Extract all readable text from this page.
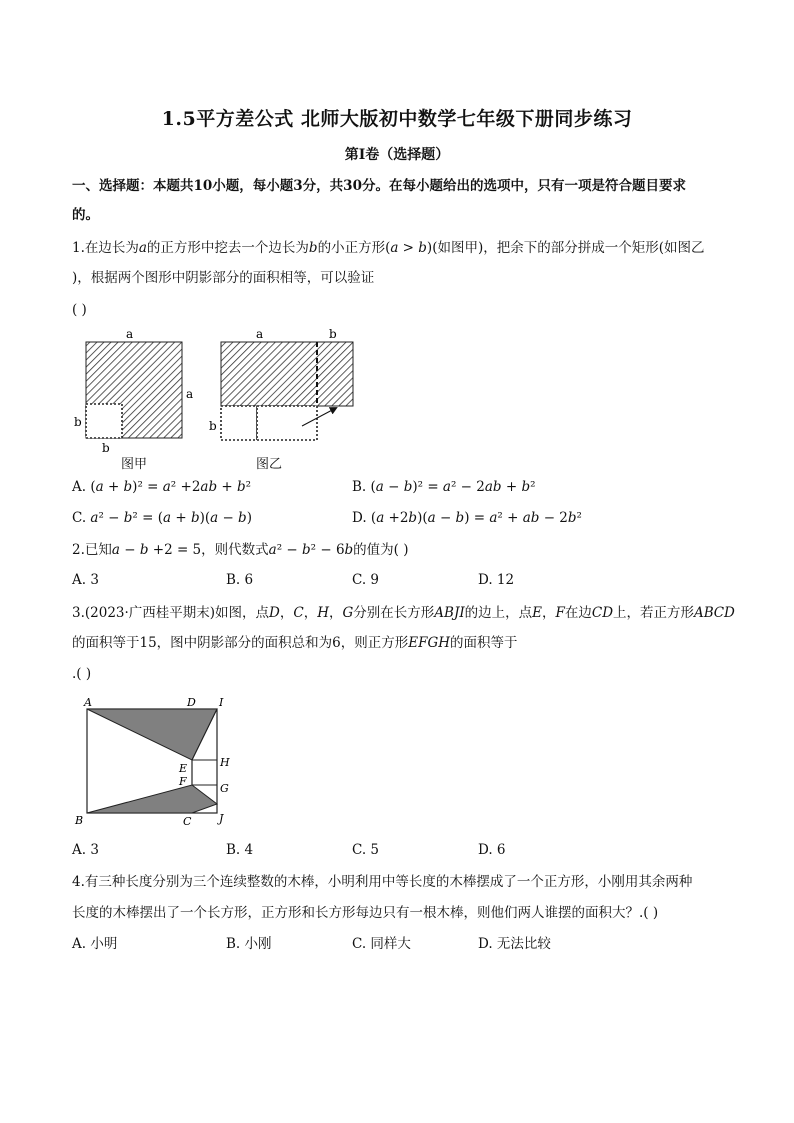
1.5平方差公式 北师大版初中数学七年级下册同步练习
第I卷（选择题）
一、选择题：本题共10小题，每小题3分，共30分。在每小题给出的选项中，只有一项是符合题目要求
的。
1.在边长为𝑎的正方形中挖去一个边长为𝑏的小正方形(𝑎 > 𝑏)(如图甲)，把余下的部分拼成一个矩形(如图乙
)，根据两个图形中阴影部分的面积相等，可以验证
( )
a
a
b
b
图甲
a	b
b
图乙
A. (𝑎 + 𝑏)² = 𝑎² +2𝑎𝑏 + 𝑏²	B. (𝑎 − 𝑏)² = 𝑎² − 2𝑎𝑏 + 𝑏²
C. 𝑎² − 𝑏² = (𝑎 + 𝑏)(𝑎 − 𝑏)	D. (𝑎 +2𝑏)(𝑎 − 𝑏) = 𝑎² + 𝑎𝑏 − 2𝑏²
2.已知𝑎 − 𝑏 +2 = 5，则代数式𝑎² − 𝑏² − 6𝑏的值为( )
A. 3	B. 6	C. 9	D. 12
3.(2023·广西桂平期末)如图，点𝐷，𝐶，𝐻，𝐺分别在长方形𝐴𝐵𝐽𝐼的边上，点𝐸，𝐹在边𝐶𝐷上，若正方形𝐴𝐵𝐶𝐷
的面积等于15，图中阴影部分的面积总和为6，则正方形𝐸𝐹𝐺𝐻的面积等于
.( )
A	D I
H
E
F
G
B	C	J
A. 3	B. 4	C. 5	D. 6
4.有三种长度分别为三个连续整数的木棒，小明利用中等长度的木棒摆成了一个正方形，小刚用其余两种
长度的木棒摆出了一个长方形，正方形和长方形每边只有一根木棒，则他们两人谁摆的面积大？.( )
A. 小明	B. 小刚	C. 同样大	D. 无法比较
